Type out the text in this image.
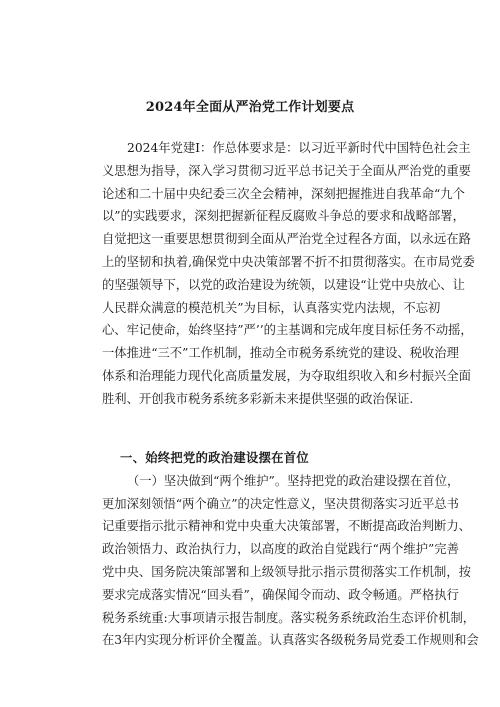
2024年全面从严治党工作计划要点
2024年党建I：作总体要求是：以习近平新时代中国特色社会主
义思想为指导，深入学习贯彻习近平总书记关于全面从严治党的重要
论述和二十届中央纪委三次全会精神，深刻把握推进自我革命“九个
以”的实践要求，深刻把握新征程反腐败斗争总的要求和战略部署，
自觉把这一重要思想贯彻到全面从严治党全过程各方面，以永远在路
上的坚韧和执着,确保党中央决策部署不折不扣贯彻落实。在市局党委
的坚强领导下，以党的政治建设为统领，以建设“让党中央放心、让
人民群众满意的模范机关”为目标，认真落实党内法规，不忘初
心、牢记使命，始终坚持”严’’的主基调和完成年度目标任务不动摇，
一体推进“三不”工作机制，推动全市税务系统党的建设、税收治理
体系和治理能力现代化高质量发展，为夺取组织收入和乡村振兴全面
胜利、开创我市税务系统多彩新未来提供坚强的政治保证.
一、始终把党的政治建设摆在首位
（一）坚决做到“两个维护”。坚持把党的政治建设摆在首位，
更加深刻领悟“两个确立”的决定性意义，坚决贯彻落实习近平总书
记重要指示批示精神和党中央重大决策部署，不断提高政治判断力、
政治领悟力、政治执行力，以高度的政治自觉践行“两个维护”完善
党中央、国务院决策部署和上级领导批示指示贯彻落实工作机制，按
要求完成落实情况“回头看”，确保闻令而动、政令畅通。严格执行
税务系统重:大事项请示报告制度。落实税务系统政治生态评价机制，
在3年内实现分析评价全覆盖。认真落实各级税务局党委工作规则和会
